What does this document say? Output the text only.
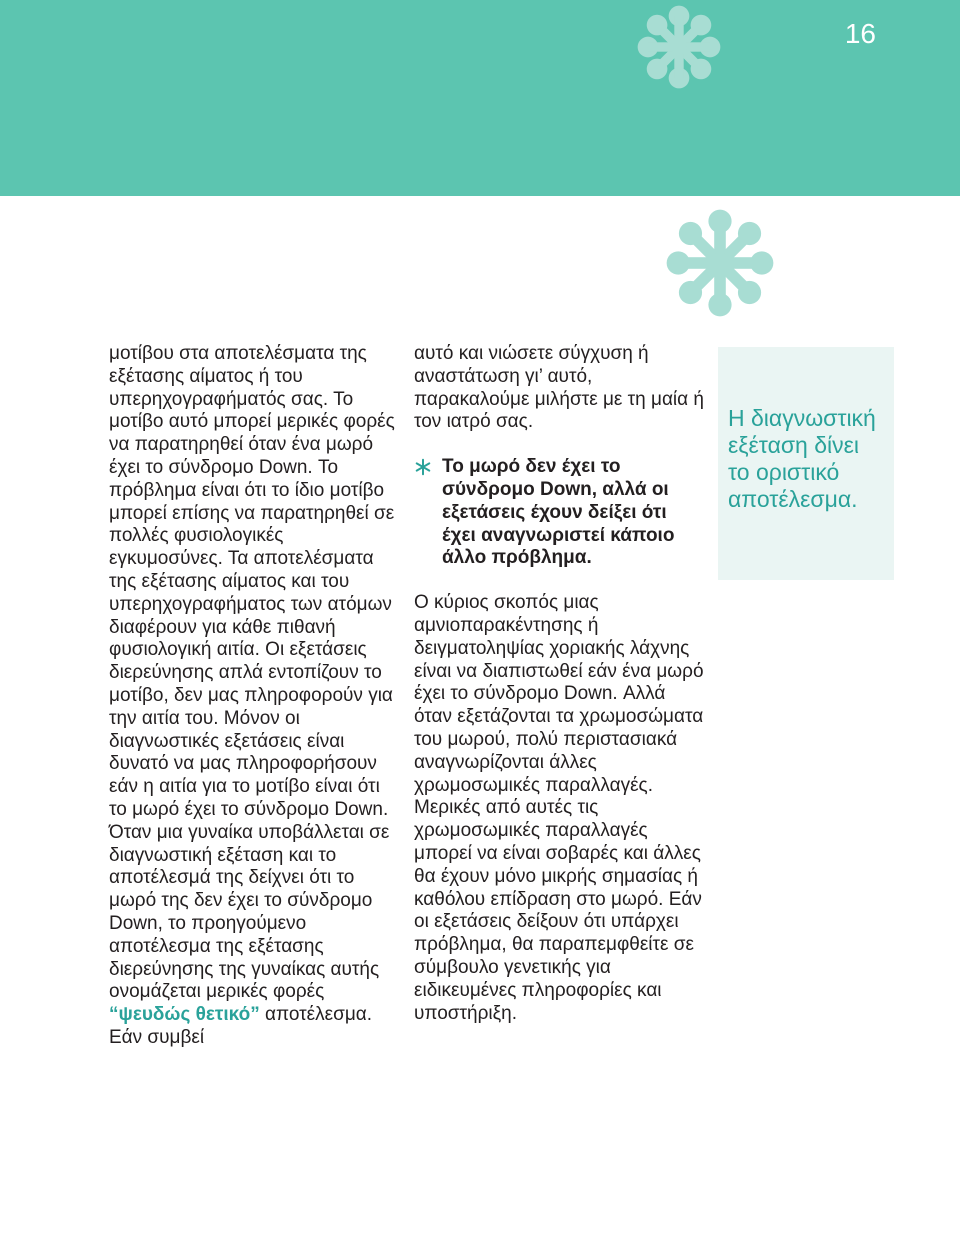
16

μοτίβου στα αποτελέσματα της εξέτασης αίματος ή του υπερηχογραφήματός σας. Το μοτίβο αυτό μπορεί μερικές φορές να παρατηρηθεί όταν ένα μωρό έχει το σύνδρομο Down. Το πρόβλημα είναι ότι το ίδιο μοτίβο μπορεί επίσης να παρατηρηθεί σε πολλές φυσιολογικές εγκυμοσύνες. Τα αποτελέσματα της εξέτασης αίματος και του υπερηχογραφήματος των ατόμων διαφέρουν για κάθε πιθανή φυσιολογική αιτία. Οι εξετάσεις διερεύνησης απλά εντοπίζουν το μοτίβο, δεν μας πληροφορούν για την αιτία του. Μόνον οι διαγνωστικές εξετάσεις είναι δυνατό να μας πληροφορήσουν εάν η αιτία για το μοτίβο είναι ότι το μωρό έχει το σύνδρομο Down.

Όταν μια γυναίκα υποβάλλεται σε διαγνωστική εξέταση και το αποτέλεσμά της δείχνει ότι το μωρό της δεν έχει το σύνδρομο Down, το προηγούμενο αποτέλεσμα της εξέτασης διερεύνησης της γυναίκας αυτής ονομάζεται μερικές φορές “ψευδώς θετικό” αποτέλεσμα. Εάν συμβεί

αυτό και νιώσετε σύγχυση ή αναστάτωση γι’ αυτό, παρακαλούμε μιλήστε με τη μαία ή τον ιατρό σας.

Το μωρό δεν έχει το σύνδρομο Down, αλλά οι εξετάσεις έχουν δείξει ότι έχει αναγνωριστεί κάποιο άλλο πρόβλημα.

Ο κύριος σκοπός μιας αμνιοπαρακέντησης ή δειγματοληψίας χοριακής λάχνης είναι να διαπιστωθεί εάν ένα μωρό έχει το σύνδρομο Down. Αλλά όταν εξετάζονται τα χρωμοσώματα του μωρού, πολύ περιστασιακά αναγνωρίζονται άλλες χρωμοσωμικές παραλλαγές. Μερικές από αυτές τις χρωμοσωμικές παραλλαγές μπορεί να είναι σοβαρές και άλλες θα έχουν μόνο μικρής σημασίας ή καθόλου επίδραση στο μωρό. Εάν οι εξετάσεις δείξουν ότι υπάρχει πρόβλημα, θα παραπεμφθείτε σε σύμβουλο γενετικής για ειδικευμένες πληροφορίες και υποστήριξη.

Η διαγνωστική εξέταση δίνει το οριστικό αποτέλεσμα.
